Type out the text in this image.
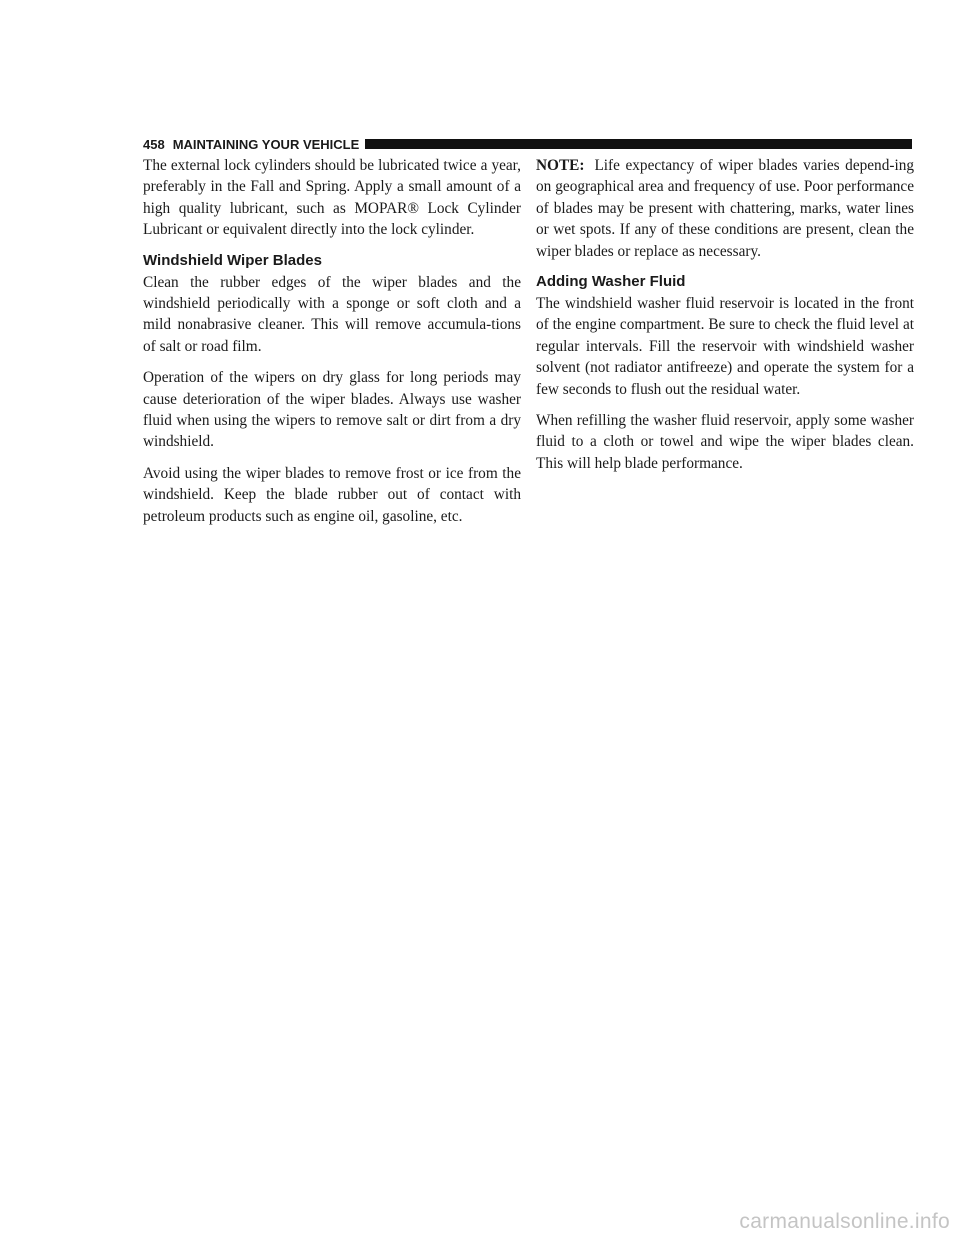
458 MAINTAINING YOUR VEHICLE

The external lock cylinders should be lubricated twice a year, preferably in the Fall and Spring. Apply a small amount of a high quality lubricant, such as MOPAR® Lock Cylinder Lubricant or equivalent directly into the lock cylinder.

Windshield Wiper Blades

Clean the rubber edges of the wiper blades and the windshield periodically with a sponge or soft cloth and a mild nonabrasive cleaner. This will remove accumula-tions of salt or road film.

Operation of the wipers on dry glass for long periods may cause deterioration of the wiper blades. Always use washer fluid when using the wipers to remove salt or dirt from a dry windshield.

Avoid using the wiper blades to remove frost or ice from the windshield. Keep the blade rubber out of contact with petroleum products such as engine oil, gasoline, etc.

NOTE: Life expectancy of wiper blades varies depend-ing on geographical area and frequency of use. Poor performance of blades may be present with chattering, marks, water lines or wet spots. If any of these conditions are present, clean the wiper blades or replace as necessary.

Adding Washer Fluid

The windshield washer fluid reservoir is located in the front of the engine compartment. Be sure to check the fluid level at regular intervals. Fill the reservoir with windshield washer solvent (not radiator antifreeze) and operate the system for a few seconds to flush out the residual water.

When refilling the washer fluid reservoir, apply some washer fluid to a cloth or towel and wipe the wiper blades clean. This will help blade performance.

carmanualsonline.info
